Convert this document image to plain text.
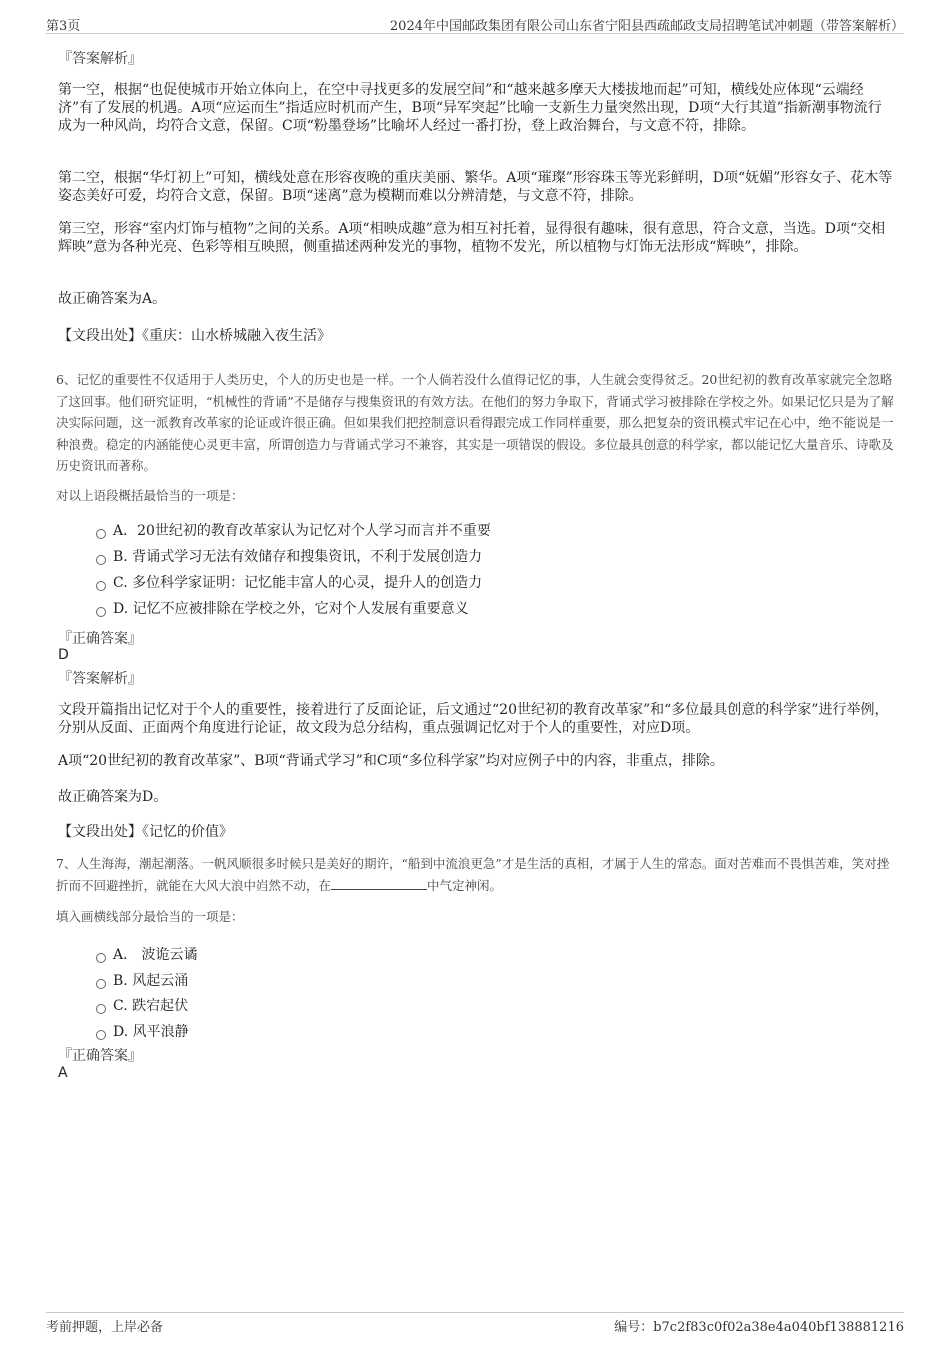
第3页	2024年中国邮政集团有限公司山东省宁阳县西疏邮政支局招聘笔试冲刺题（带答案解析）
『答案解析』

第一空，根据“也促使城市开始立体向上，在空中寻找更多的发展空间”和“越来越多摩天大楼拔地而起”可知，横线处应体现“云端经济”有了发展的机遇。A项“应运而生”指适应时机而产生，B项“异军突起”比喻一支新生力量突然出现，D项“大行其道”指新潮事物流行成为一种风尚，均符合文意，保留。C项“粉墨登场”比喻坏人经过一番打扮，登上政治舞台，与文意不符，排除。

第二空，根据“华灯初上”可知，横线处意在形容夜晚的重庆美丽、繁华。A项“璀璨”形容珠玉等光彩鲜明，D项“妩媚”形容女子、花木等姿态美好可爱，均符合文意，保留。B项“迷离”意为模糊而难以分辨清楚，与文意不符，排除。

第三空，形容“室内灯饰与植物”之间的关系。A项“相映成趣”意为相互衬托着，显得很有趣味，很有意思，符合文意，当选。D项“交相辉映”意为各种光亮、色彩等相互映照，侧重描述两种发光的事物，植物不发光，所以植物与灯饰无法形成“辉映”，排除。

故正确答案为A。

【文段出处】《重庆：山水桥城融入夜生活》

6、记忆的重要性不仅适用于人类历史，个人的历史也是一样。一个人倘若没什么值得记忆的事，人生就会变得贫乏。20世纪初的教育改革家就完全忽略了这回事。他们研究证明，“机械性的背诵”不是储存与搜集资讯的有效方法。在他们的努力争取下，背诵式学习被排除在学校之外。如果记忆只是为了解决实际问题，这一派教育改革家的论证或许很正确。但如果我们把控制意识看得跟完成工作同样重要，那么把复杂的资讯模式牢记在心中，绝不能说是一种浪费。稳定的内涵能使心灵更丰富，所谓创造力与背诵式学习不兼容，其实是一项错误的假设。多位最具创意的科学家，都以能记忆大量音乐、诗歌及历史资讯而著称。

对以上语段概括最恰当的一项是：
A．20世纪初的教育改革家认为记忆对个人学习而言并不重要
B. 背诵式学习无法有效储存和搜集资讯，不利于发展创造力
C. 多位科学家证明：记忆能丰富人的心灵，提升人的创造力
D. 记忆不应被排除在学校之外，它对个人发展有重要意义
『正确答案』
D
『答案解析』

文段开篇指出记忆对于个人的重要性，接着进行了反面论证，后文通过“20世纪初的教育改革家”和“多位最具创意的科学家”进行举例，分别从反面、正面两个角度进行论证，故文段为总分结构，重点强调记忆对于个人的重要性，对应D项。

A项“20世纪初的教育改革家”、B项“背诵式学习”和C项“多位科学家”均对应例子中的内容，非重点，排除。

故正确答案为D。

【文段出处】《记忆的价值》

7、人生海海，潮起潮落。一帆风顺很多时候只是美好的期许，“船到中流浪更急”才是生活的真相，才属于人生的常态。面对苦难而不畏惧苦难，笑对挫折而不回避挫折，就能在大风大浪中岿然不动，在	中气定神闲。

填入画横线部分最恰当的一项是：
A． 波诡云谲
B. 风起云涌
C. 跌宕起伏
D. 风平浪静
『正确答案』
A
考前押题，上岸必备	编号：b7c2f83c0f02a38e4a040bf138881216
